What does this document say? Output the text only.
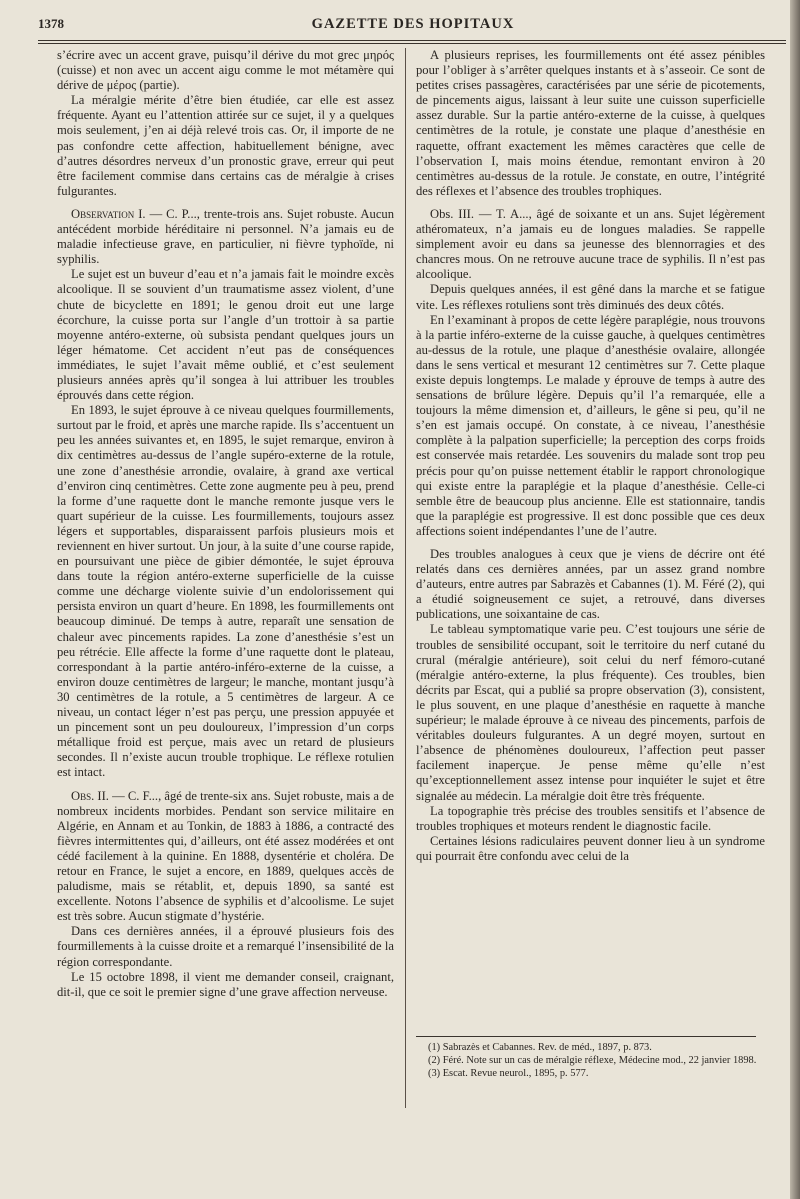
1378	GAZETTE DES HOPITAUX

s’écrire avec un accent grave, puisqu’il dérive du mot grec μηρός (cuisse) et non avec un accent aigu comme le mot métamère qui dérive de μέρος (partie).

La méralgie mérite d’être bien étudiée, car elle est assez fréquente. Ayant eu l’attention attirée sur ce sujet, il y a quelques mois seulement, j’en ai déjà relevé trois cas. Or, il importe de ne pas confondre cette affection, habituellement bénigne, avec d’autres désordres nerveux d’un pronostic grave, erreur qui peut être facilement commise dans certains cas de méralgie à crises fulgurantes.

Observation I. — C. P..., trente-trois ans. Sujet robuste. Aucun antécédent morbide héréditaire ni personnel. N’a jamais eu de maladie infectieuse grave, en particulier, ni fièvre typhoïde, ni syphilis.

Le sujet est un buveur d’eau et n’a jamais fait le moindre excès alcoolique. Il se souvient d’un traumatisme assez violent, d’une chute de bicyclette en 1891; le genou droit eut une large écorchure, la cuisse porta sur l’angle d’un trottoir à sa partie moyenne antéro-externe, où subsista pendant quelques jours un léger hématome. Cet accident n’eut pas de conséquences immédiates, le sujet l’avait même oublié, et c’est seulement plusieurs années après qu’il songea à lui attribuer les troubles éprouvés dans cette région.

En 1893, le sujet éprouve à ce niveau quelques fourmillements, surtout par le froid, et après une marche rapide. Ils s’accentuent un peu les années suivantes et, en 1895, le sujet remarque, environ à dix centimètres au-dessus de l’angle supéro-externe de la rotule, une zone d’anesthésie arrondie, ovalaire, à grand axe vertical d’environ cinq centimètres. Cette zone augmente peu à peu, prend la forme d’une raquette dont le manche remonte jusque vers le quart supérieur de la cuisse. Les fourmillements, toujours assez légers et supportables, disparaissent parfois plusieurs mois et reviennent en hiver surtout. Un jour, à la suite d’une course rapide, en poursuivant une pièce de gibier démontée, le sujet éprouva dans toute la région antéro-externe superficielle de la cuisse comme une décharge violente suivie d’un endolorissement qui persista environ un quart d’heure. En 1898, les fourmillements ont beaucoup diminué. De temps à autre, reparaît une sensation de chaleur avec pincements rapides. La zone d’anesthésie s’est un peu rétrécie. Elle affecte la forme d’une raquette dont le plateau, correspondant à la partie antéro-inféro-externe de la cuisse, a environ douze centimètres de largeur; le manche, montant jusqu’à 30 centimètres de la rotule, a 5 centimètres de largeur. A ce niveau, un contact léger n’est pas perçu, une pression appuyée et un pincement sont un peu douloureux, l’impression d’un corps métallique froid est perçue, mais avec un retard de plusieurs secondes. Il n’existe aucun trouble trophique. Le réflexe rotulien est intact.

Obs. II. — C. F..., âgé de trente-six ans. Sujet robuste, mais a de nombreux incidents morbides. Pendant son service militaire en Algérie, en Annam et au Tonkin, de 1883 à 1886, a contracté des fièvres intermittentes qui, d’ailleurs, ont été assez modérées et ont cédé facilement à la quinine. En 1888, dysentérie et choléra. De retour en France, le sujet a encore, en 1889, quelques accès de paludisme, mais se rétablit, et, depuis 1890, sa santé est excellente. Notons l’absence de syphilis et d’alcoolisme. Le sujet est très sobre. Aucun stigmate d’hystérie.

Dans ces dernières années, il a éprouvé plusieurs fois des fourmillements à la cuisse droite et a remarqué l’insensibilité de la région correspondante.

Le 15 octobre 1898, il vient me demander conseil, craignant, dit-il, que ce soit le premier signe d’une grave affection nerveuse.

A plusieurs reprises, les fourmillements ont été assez pénibles pour l’obliger à s’arrêter quelques instants et à s’asseoir. Ce sont de petites crises passagères, caractérisées par une série de picotements, de pincements aigus, laissant à leur suite une cuisson superficielle assez durable. Sur la partie antéro-externe de la cuisse, à quelques centimètres de la rotule, je constate une plaque d’anesthésie en raquette, offrant exactement les mêmes caractères que celle de l’observation I, mais moins étendue, remontant environ à 20 centimètres au-dessus de la rotule. Je constate, en outre, l’intégrité des réflexes et l’absence des troubles trophiques.

Obs. III. — T. A..., âgé de soixante et un ans. Sujet légèrement athéromateux, n’a jamais eu de longues maladies. Se rappelle simplement avoir eu dans sa jeunesse des blennorragies et des chancres mous. On ne retrouve aucune trace de syphilis. Il n’est pas alcoolique.

Depuis quelques années, il est gêné dans la marche et se fatigue vite. Les réflexes rotuliens sont très diminués des deux côtés.

En l’examinant à propos de cette légère paraplégie, nous trouvons à la partie inféro-externe de la cuisse gauche, à quelques centimètres au-dessus de la rotule, une plaque d’anesthésie ovalaire, allongée dans le sens vertical et mesurant 12 centimètres sur 7. Cette plaque existe depuis longtemps. Le malade y éprouve de temps à autre des sensations de brûlure légère. Depuis qu’il l’a remarquée, elle a toujours la même dimension et, d’ailleurs, le gêne si peu, qu’il ne s’en est jamais occupé. On constate, à ce niveau, l’anesthésie complète à la palpation superficielle; la perception des corps froids est conservée mais retardée. Les souvenirs du malade sont trop peu précis pour qu’on puisse nettement établir le rapport chronologique qui existe entre la paraplégie et la plaque d’anesthésie. Celle-ci semble être de beaucoup plus ancienne. Elle est stationnaire, tandis que la paraplégie est progressive. Il est donc possible que ces deux affections soient indépendantes l’une de l’autre.

Des troubles analogues à ceux que je viens de décrire ont été relatés dans ces dernières années, par un assez grand nombre d’auteurs, entre autres par Sabrazès et Cabannes (1). M. Féré (2), qui a étudié soigneusement ce sujet, a retrouvé, dans diverses publications, une soixantaine de cas.

Le tableau symptomatique varie peu. C’est toujours une série de troubles de sensibilité occupant, soit le territoire du nerf cutané du crural (méralgie antérieure), soit celui du nerf fémoro-cutané (méralgie antéro-externe, la plus fréquente). Ces troubles, bien décrits par Escat, qui a publié sa propre observation (3), consistent, le plus souvent, en une plaque d’anesthésie en raquette à manche supérieur; le malade éprouve à ce niveau des pincements, parfois de véritables douleurs fulgurantes. A un degré moyen, surtout en l’absence de phénomènes douloureux, l’affection peut passer facilement inaperçue. Je pense même qu’elle n’est qu’exceptionnellement assez intense pour inquiéter le sujet et être signalée au médecin. La méralgie doit être très fréquente.

La topographie très précise des troubles sensitifs et l’absence de troubles trophiques et moteurs rendent le diagnostic facile.

Certaines lésions radiculaires peuvent donner lieu à un syndrome qui pourrait être confondu avec celui de la

(1) Sabrazès et Cabannes. Rev. de méd., 1897, p. 873.

(2) Féré. Note sur un cas de méralgie réflexe, Médecine mod., 22 janvier 1898.

(3) Escat. Revue neurol., 1895, p. 577.
